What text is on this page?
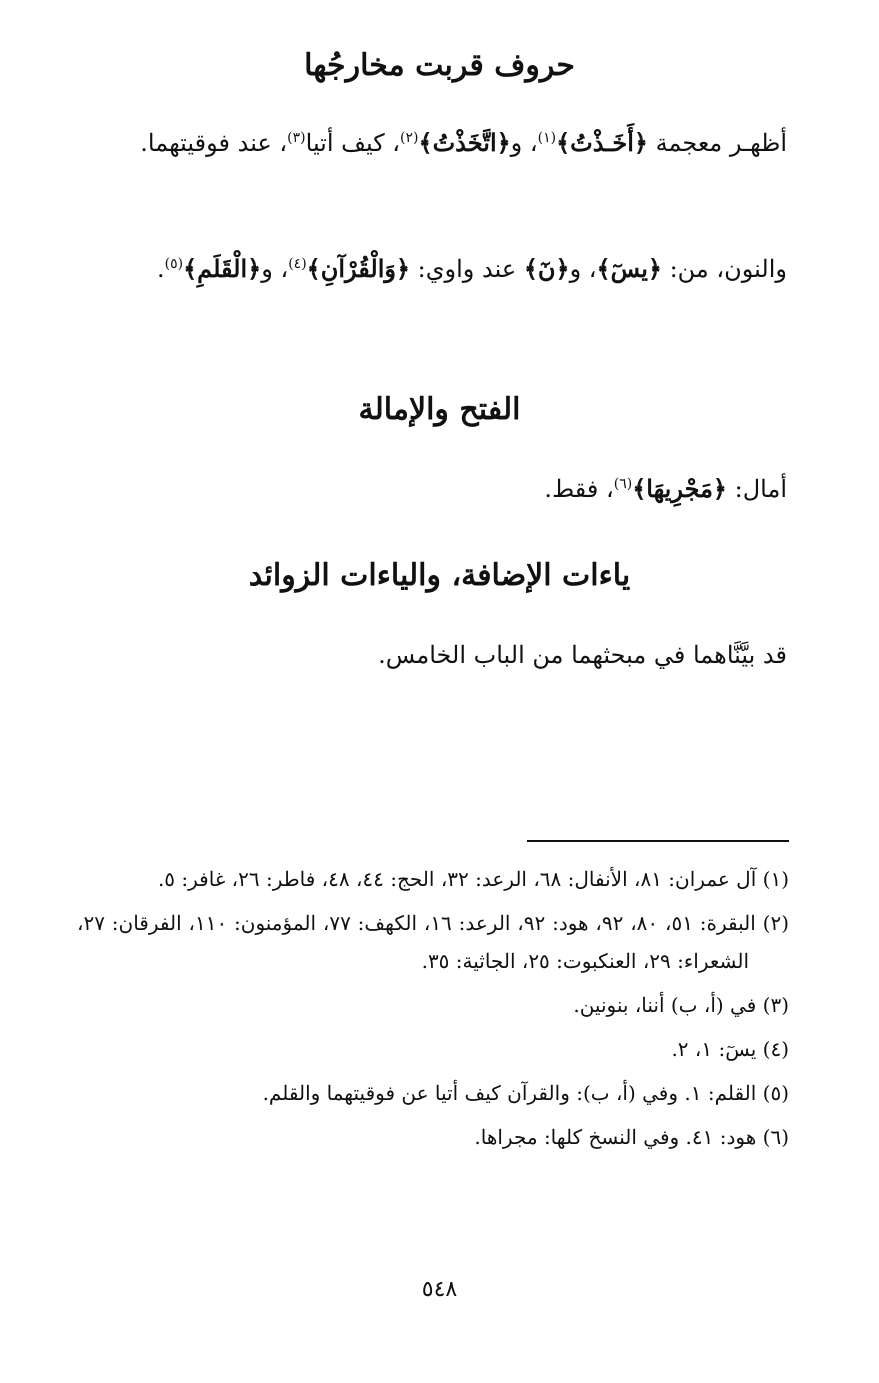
حروف قربت مخارجُها

أظهـر معجمة ﴿أَخَـذْتُ﴾$^{(١)}$، و﴿اتَّخَذْتُ﴾$^{(٢)}$، كيف أتيا$^{(٣)}$، عند فوقيتهما.

والنون، من: ﴿يسٓ﴾، و﴿نٓ﴾ عند واوي: ﴿وَالْقُرْآنِ﴾$^{(٤)}$، و﴿الْقَلَمِ﴾$^{(٥)}$.

الفتح والإمالة

أمال: ﴿مَجْرِيهَا﴾$^{(٦)}$، فقط.

ياءات الإضافة، والياءات الزوائد

قد بيَّنَّاهما في مبحثهما من الباب الخامس.

(١) آل عمران: ٨١، الأنفال: ٦٨، الرعد: ٣٢، الحج: ٤٤، ٤٨، فاطر: ٢٦، غافر: ٥.
(٢) البقرة: ٥١، ٨٠، ٩٢، هود: ٩٢، الرعد: ١٦، الكهف: ٧٧، المؤمنون: ١١٠، الفرقان: ٢٧، الشعراء: ٢٩، العنكبوت: ٢٥، الجاثية: ٣٥.
(٣) في (أ، ب) أننا، بنونين.
(٤) يسٓ: ١، ٢.
(٥) القلم: ١. وفي (أ، ب): والقرآن كيف أتيا عن فوقيتهما والقلم.
(٦) هود: ٤١. وفي النسخ كلها: مجراها.

٥٤٨
